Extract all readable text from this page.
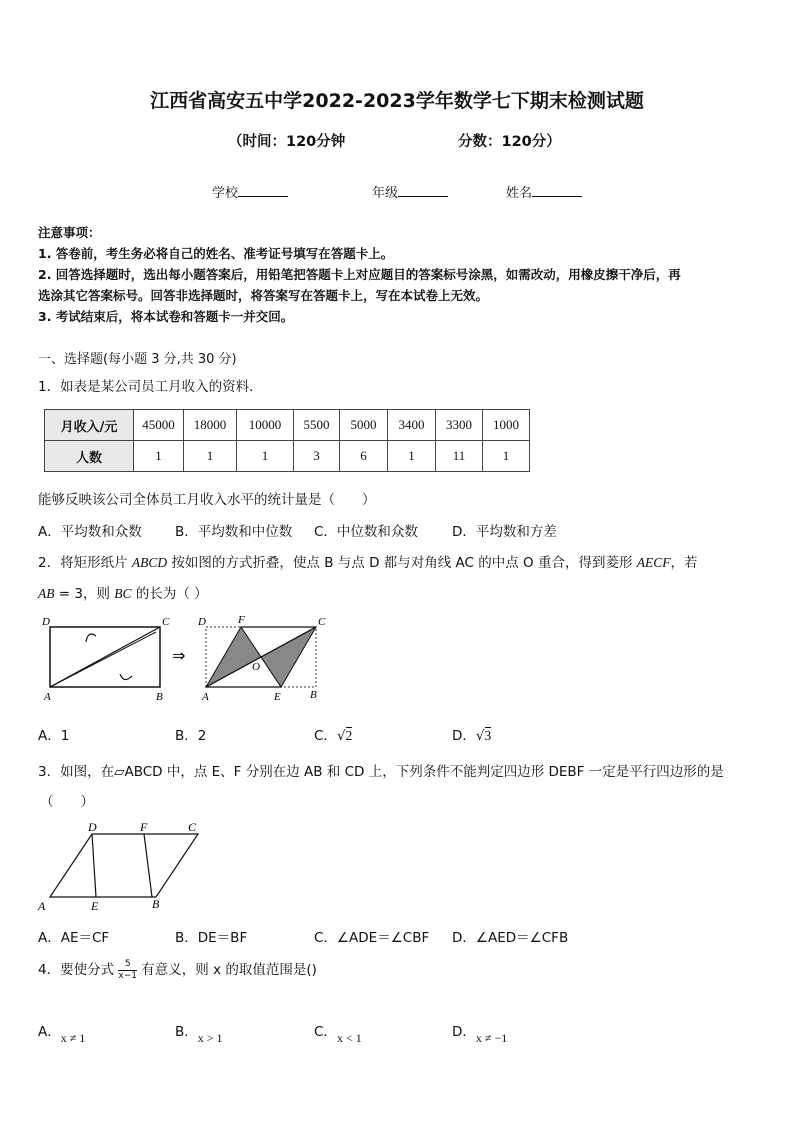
江西省高安五中学2022-2023学年数学七下期末检测试题
（时间：120分钟	分数：120分）
学校	年级	姓名
注意事项：
1. 答卷前，考生务必将自己的姓名、准考证号填写在答题卡上。
2. 回答选择题时，选出每小题答案后，用铅笔把答题卡上对应题目的答案标号涂黑，如需改动，用橡皮擦干净后，再
选涂其它答案标号。回答非选择题时，将答案写在答题卡上，写在本试卷上无效。
3. 考试结束后，将本试卷和答题卡一并交回。
一、选择题(每小题 3 分,共 30 分)
1．如表是某公司员工月收入的资料．
月收入/元	45000	18000	10000	5500	5000	3400	3300	1000
人数	1	1	1	3	6	1	11	1
能够反映该公司全体员工月收入水平的统计量是（　　）
A．平均数和众数 B．平均数和中位数 C．中位数和众数	D．平均数和方差
2．将矩形纸片 ABCD 按如图的方式折叠，使点 B 与点 D 都与对角线 AC 的中点 O 重合，得到菱形 AECF，若
AB = 3，则 BC 的长为（ ）
D	C
A	B
⇒
D	F	C
O
A	E	B
A．1	B．2	C．√2	D．√3
3．如图，在▱ABCD 中，点 E、F 分别在边 AB 和 CD 上，下列条件不能判定四边形 DEBF 一定是平行四边形的是
（　　）
D	F	C
A	E	B
A．AE＝CF	B．DE＝BF	C．∠ADE＝∠CBF D．∠AED＝∠CFB
4．要使分式 $\frac{5}{x-1}$ 有意义，则 x 的取值范围是()
A．x ≠ 1	B．x > 1	C．x < 1	D．x ≠ −1
